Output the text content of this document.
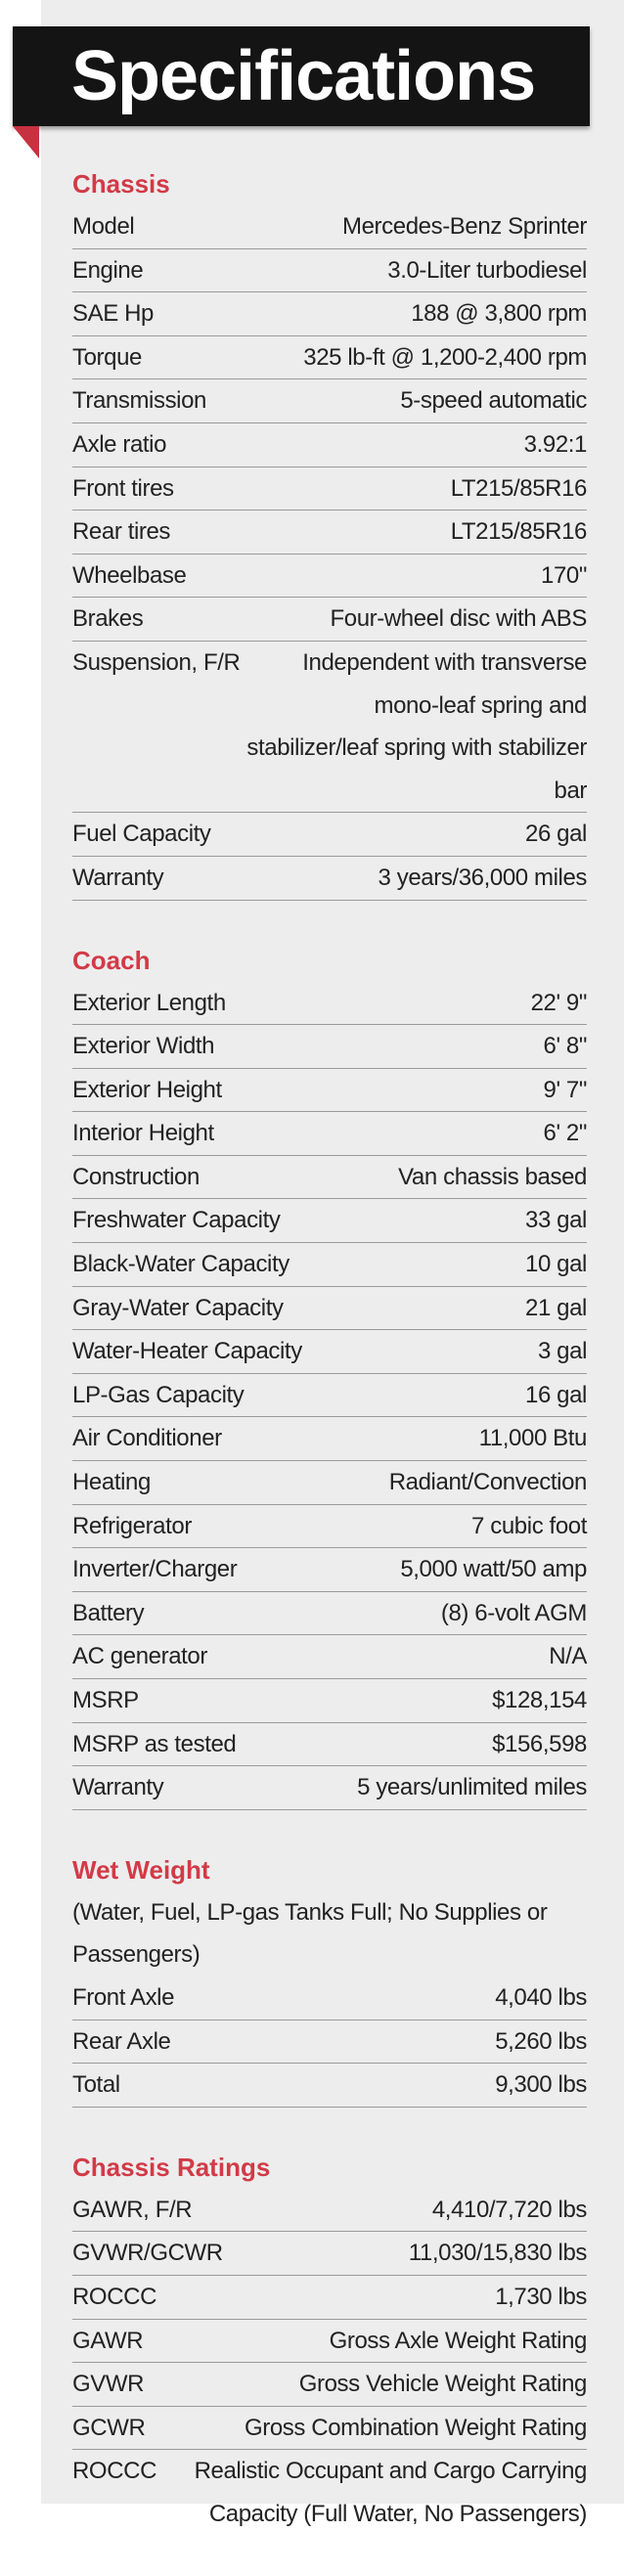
Specifications
Chassis
Model	Mercedes-Benz Sprinter
Engine	3.0-Liter turbodiesel
SAE Hp	188 @ 3,800 rpm
Torque	325 lb-ft @ 1,200-2,400 rpm
Transmission	5-speed automatic
Axle ratio	3.92:1
Front tires	LT215/85R16
Rear tires	LT215/85R16
Wheelbase	170"
Brakes	Four-wheel disc with ABS
Suspension, F/R	Independent with transverse mono-leaf spring and stabilizer/leaf spring with stabilizer bar
Fuel Capacity	26 gal
Warranty	3 years/36,000 miles
Coach
Exterior Length	22' 9"
Exterior Width	6' 8"
Exterior Height	9' 7"
Interior Height	6' 2"
Construction	Van chassis based
Freshwater Capacity	33 gal
Black-Water Capacity	10 gal
Gray-Water Capacity	21 gal
Water-Heater Capacity	3 gal
LP-Gas Capacity	16 gal
Air Conditioner	11,000 Btu
Heating	Radiant/Convection
Refrigerator	7 cubic foot
Inverter/Charger	5,000 watt/50 amp
Battery	(8) 6-volt AGM
AC generator	N/A
MSRP	$128,154
MSRP as tested	$156,598
Warranty	5 years/unlimited miles
Wet Weight
(Water, Fuel, LP-gas Tanks Full; No Supplies or Passengers)
Front Axle	4,040 lbs
Rear Axle	5,260 lbs
Total	9,300 lbs
Chassis Ratings
GAWR, F/R	4,410/7,720 lbs
GVWR/GCWR	11,030/15,830 lbs
ROCCC	1,730 lbs
GAWR	Gross Axle Weight Rating
GVWR	Gross Vehicle Weight Rating
GCWR	Gross Combination Weight Rating
ROCCC	Realistic Occupant and Cargo Carrying Capacity (Full Water, No Passengers)
